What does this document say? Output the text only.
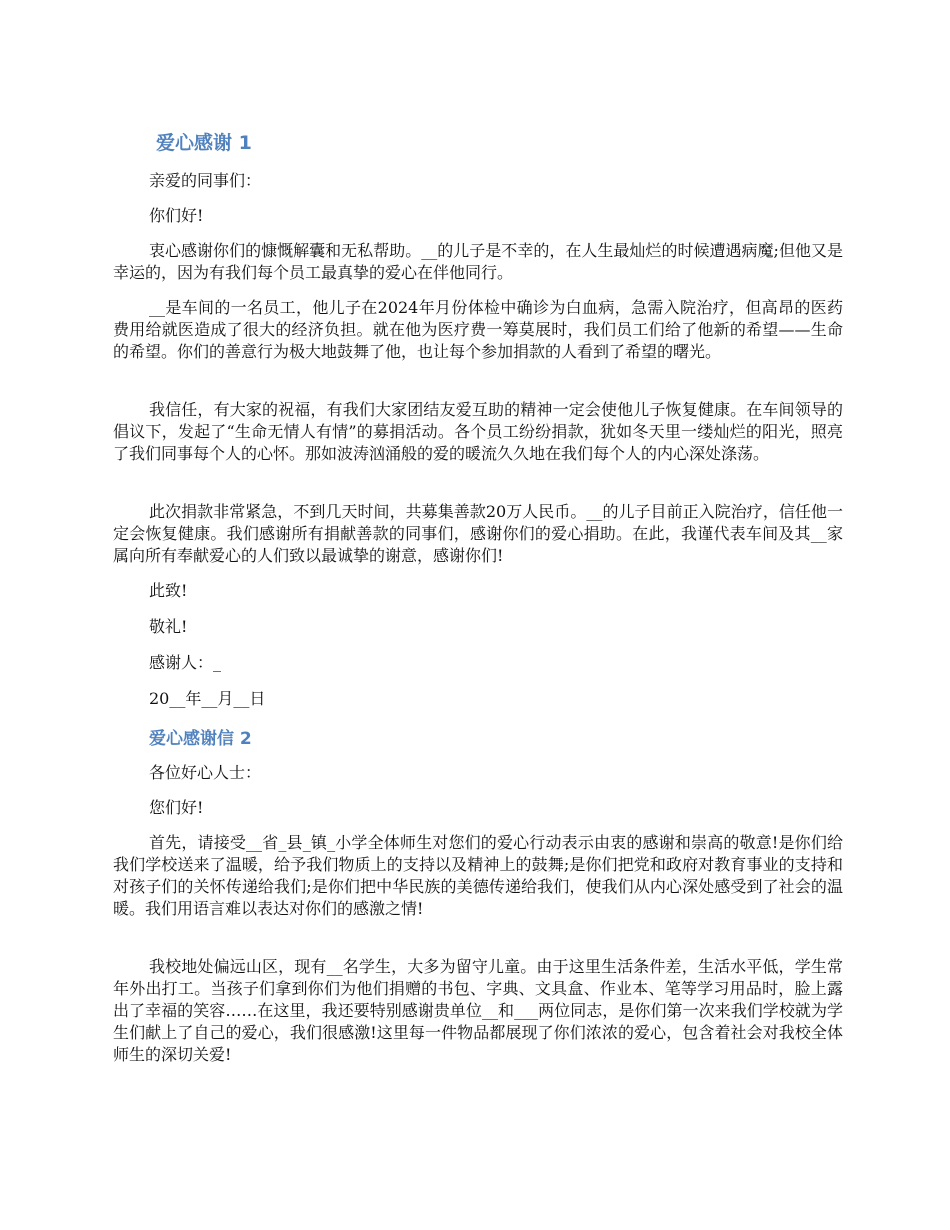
爱心感谢 1

亲爱的同事们：

你们好!

衷心感谢你们的慷慨解囊和无私帮助。__的儿子是不幸的，在人生最灿烂的时候遭遇病魔;但他又是幸运的，因为有我们每个员工最真挚的爱心在伴他同行。

__是车间的一名员工，他儿子在2024年月份体检中确诊为白血病，急需入院治疗，但高昂的医药费用给就医造成了很大的经济负担。就在他为医疗费一筹莫展时，我们员工们给了他新的希望——生命的希望。你们的善意行为极大地鼓舞了他，也让每个参加捐款的人看到了希望的曙光。

我信任，有大家的祝福，有我们大家团结友爱互助的精神一定会使他儿子恢复健康。在车间领导的倡议下，发起了“生命无情人有情”的募捐活动。各个员工纷纷捐款，犹如冬天里一缕灿烂的阳光，照亮了我们同事每个人的心怀。那如波涛汹涌般的爱的暖流久久地在我们每个人的内心深处涤荡。

此次捐款非常紧急，不到几天时间，共募集善款20万人民币。__的儿子目前正入院治疗，信任他一定会恢复健康。我们感谢所有捐献善款的同事们，感谢你们的爱心捐助。在此，我谨代表车间及其__家属向所有奉献爱心的人们致以最诚挚的谢意，感谢你们!

此致!

敬礼!

感谢人：_

20__年__月__日

爱心感谢信 2

各位好心人士：

您们好!

首先，请接受__省_县_镇_小学全体师生对您们的爱心行动表示由衷的感谢和崇高的敬意!是你们给我们学校送来了温暖，给予我们物质上的支持以及精神上的鼓舞;是你们把党和政府对教育事业的支持和对孩子们的关怀传递给我们;是你们把中华民族的美德传递给我们，使我们从内心深处感受到了社会的温暖。我们用语言难以表达对你们的感激之情!

我校地处偏远山区，现有__名学生，大多为留守儿童。由于这里生活条件差，生活水平低，学生常年外出打工。当孩子们拿到你们为他们捐赠的书包、字典、文具盒、作业本、笔等学习用品时，脸上露出了幸福的笑容……在这里，我还要特别感谢贵单位__和___两位同志，是你们第一次来我们学校就为学生们献上了自己的爱心，我们很感激!这里每一件物品都展现了你们浓浓的爱心，包含着社会对我校全体师生的深切关爱!
